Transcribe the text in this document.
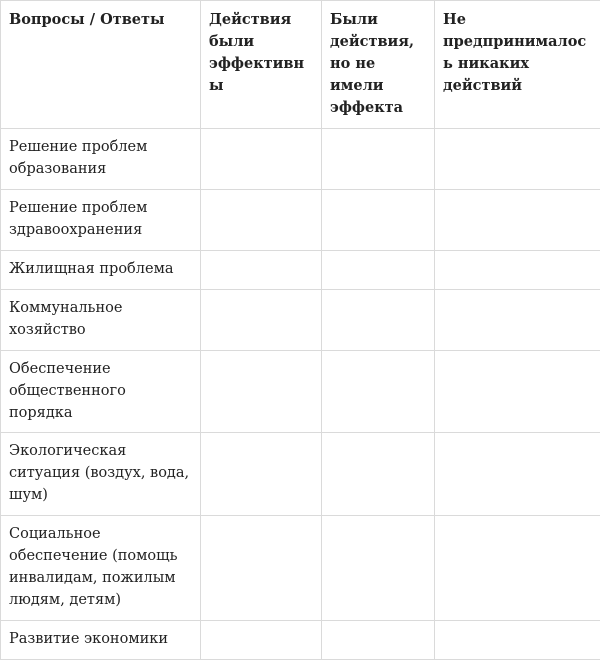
Вопросы / Ответы	Действия были эффективны	Были действия, но не имели эффекта	Не предпринималось никаких действий
Решение проблем образования			
Решение проблем здравоохранения			
Жилищная проблема			
Коммунальное хозяйство			
Обеспечение общественного порядка			
Экологическая ситуация (воздух, вода, шум)			
Социальное обеспечение (помощь инвалидам, пожилым людям, детям)			
Развитие экономики			
